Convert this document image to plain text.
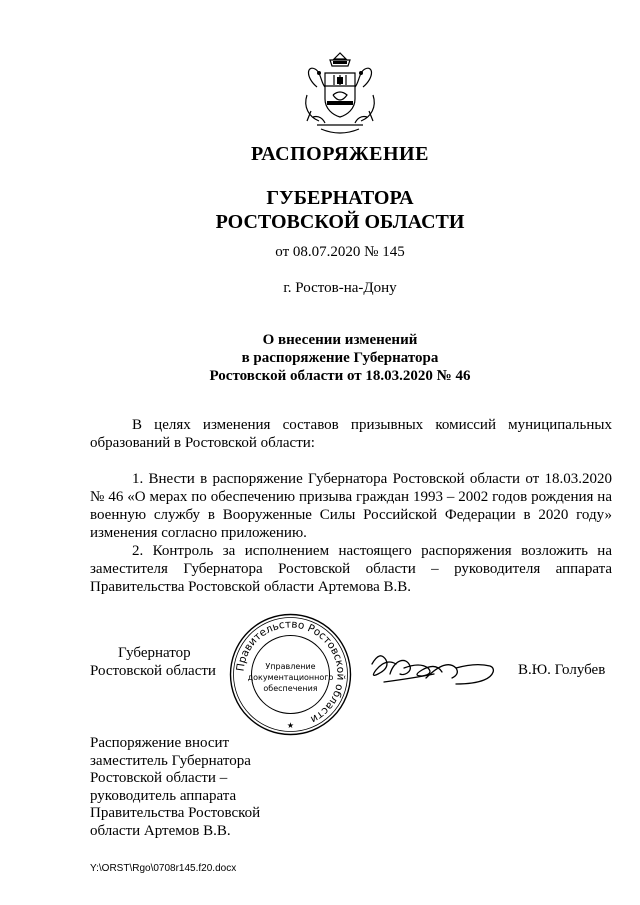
РАСПОРЯЖЕНИЕ
ГУБЕРНАТОРА
РОСТОВСКОЙ ОБЛАСТИ
от 08.07.2020 № 145
г. Ростов-на-Дону
О внесении изменений
в распоряжение Губернатора
Ростовской области от 18.03.2020 № 46
В целях изменения составов призывных комиссий муниципальных образований в Ростовской области:
1. Внести в распоряжение Губернатора Ростовской области от 18.03.2020 № 46 «О мерах по обеспечению призыва граждан 1993 – 2002 годов рождения на военную службу в Вооруженные Силы Российской Федерации в 2020 году» изменения согласно приложению.
2. Контроль за исполнением настоящего распоряжения возложить на заместителя Губернатора Ростовской области – руководителя аппарата Правительства Ростовской области Артемова В.В.
Губернатор
Ростовской области Правительство Ростовской области
Управление
документационного
обеспечения
★
В.Ю. Голубев
Распоряжение вносит
заместитель Губернатора
Ростовской области –
руководитель аппарата
Правительства Ростовской
области Артемов В.В.
Y:\ORST\Rgo\0708r145.f20.docx
